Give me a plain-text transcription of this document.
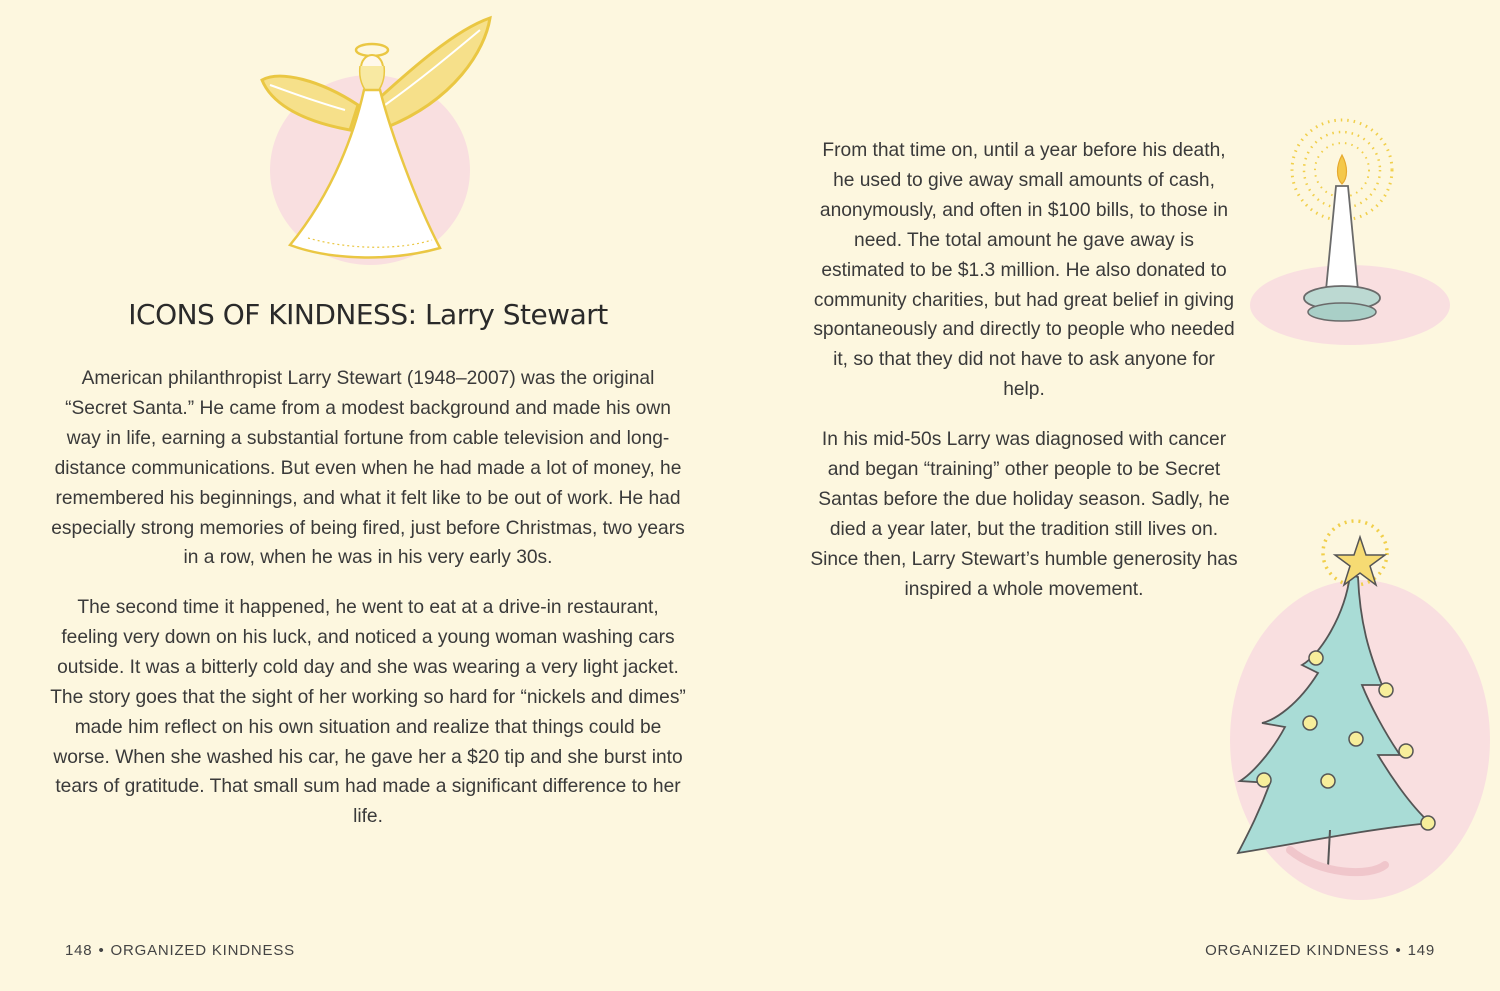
ICONS OF KINDNESS: Larry Stewart

American philanthropist Larry Stewart (1948–2007) was the original “Secret Santa.” He came from a modest background and made his own way in life, earning a substantial fortune from cable television and long-distance communications. But even when he had made a lot of money, he remembered his beginnings, and what it felt like to be out of work. He had especially strong memories of being fired, just before Christmas, two years in a row, when he was in his very early 30s.

The second time it happened, he went to eat at a drive-in restaurant, feeling very down on his luck, and noticed a young woman washing cars outside. It was a bitterly cold day and she was wearing a very light jacket. The story goes that the sight of her working so hard for “nickels and dimes” made him reflect on his own situation and realize that things could be worse. When she washed his car, he gave her a $20 tip and she burst into tears of gratitude. That small sum had made a significant difference to her life.

148 • ORGANIZED KINDNESS

From that time on, until a year before his death, he used to give away small amounts of cash, anonymously, and often in $100 bills, to those in need. The total amount he gave away is estimated to be $1.3 million. He also donated to community charities, but had great belief in giving spontaneously and directly to people who needed it, so that they did not have to ask anyone for help.

In his mid-50s Larry was diagnosed with cancer and began “training” other people to be Secret Santas before the due holiday season. Sadly, he died a year later, but the tradition still lives on. Since then, Larry Stewart’s humble generosity has inspired a whole movement.

ORGANIZED KINDNESS • 149
